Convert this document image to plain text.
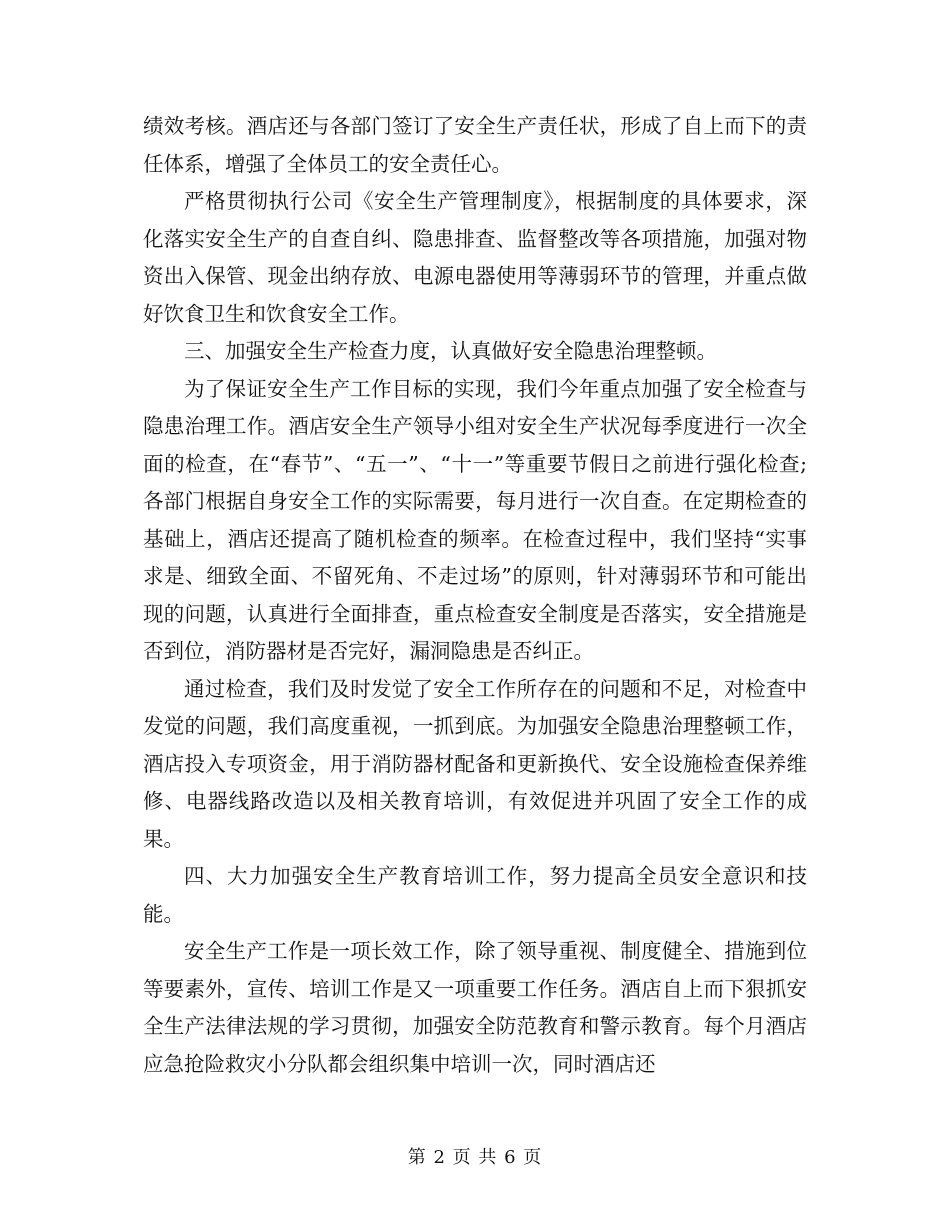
绩效考核。酒店还与各部门签订了安全生产责任状，形成了自上而下的责任体系，增强了全体员工的安全责任心。

严格贯彻执行公司《安全生产管理制度》，根据制度的具体要求，深化落实安全生产的自查自纠、隐患排查、监督整改等各项措施，加强对物资出入保管、现金出纳存放、电源电器使用等薄弱环节的管理，并重点做好饮食卫生和饮食安全工作。

三、加强安全生产检查力度，认真做好安全隐患治理整顿。

为了保证安全生产工作目标的实现，我们今年重点加强了安全检查与隐患治理工作。酒店安全生产领导小组对安全生产状况每季度进行一次全面的检查，在“春节”、“五一”、“十一”等重要节假日之前进行强化检查;各部门根据自身安全工作的实际需要，每月进行一次自查。在定期检查的基础上，酒店还提高了随机检查的频率。在检查过程中，我们坚持“实事求是、细致全面、不留死角、不走过场”的原则，针对薄弱环节和可能出现的问题，认真进行全面排查，重点检查安全制度是否落实，安全措施是否到位，消防器材是否完好，漏洞隐患是否纠正。

通过检查，我们及时发觉了安全工作所存在的问题和不足，对检查中发觉的问题，我们高度重视，一抓到底。为加强安全隐患治理整顿工作，酒店投入专项资金，用于消防器材配备和更新换代、安全设施检查保养维修、电器线路改造以及相关教育培训，有效促进并巩固了安全工作的成果。

四、大力加强安全生产教育培训工作，努力提高全员安全意识和技能。

安全生产工作是一项长效工作，除了领导重视、制度健全、措施到位等要素外，宣传、培训工作是又一项重要工作任务。酒店自上而下狠抓安全生产法律法规的学习贯彻，加强安全防范教育和警示教育。每个月酒店应急抢险救灾小分队都会组织集中培训一次，同时酒店还

第 2 页 共 6 页
